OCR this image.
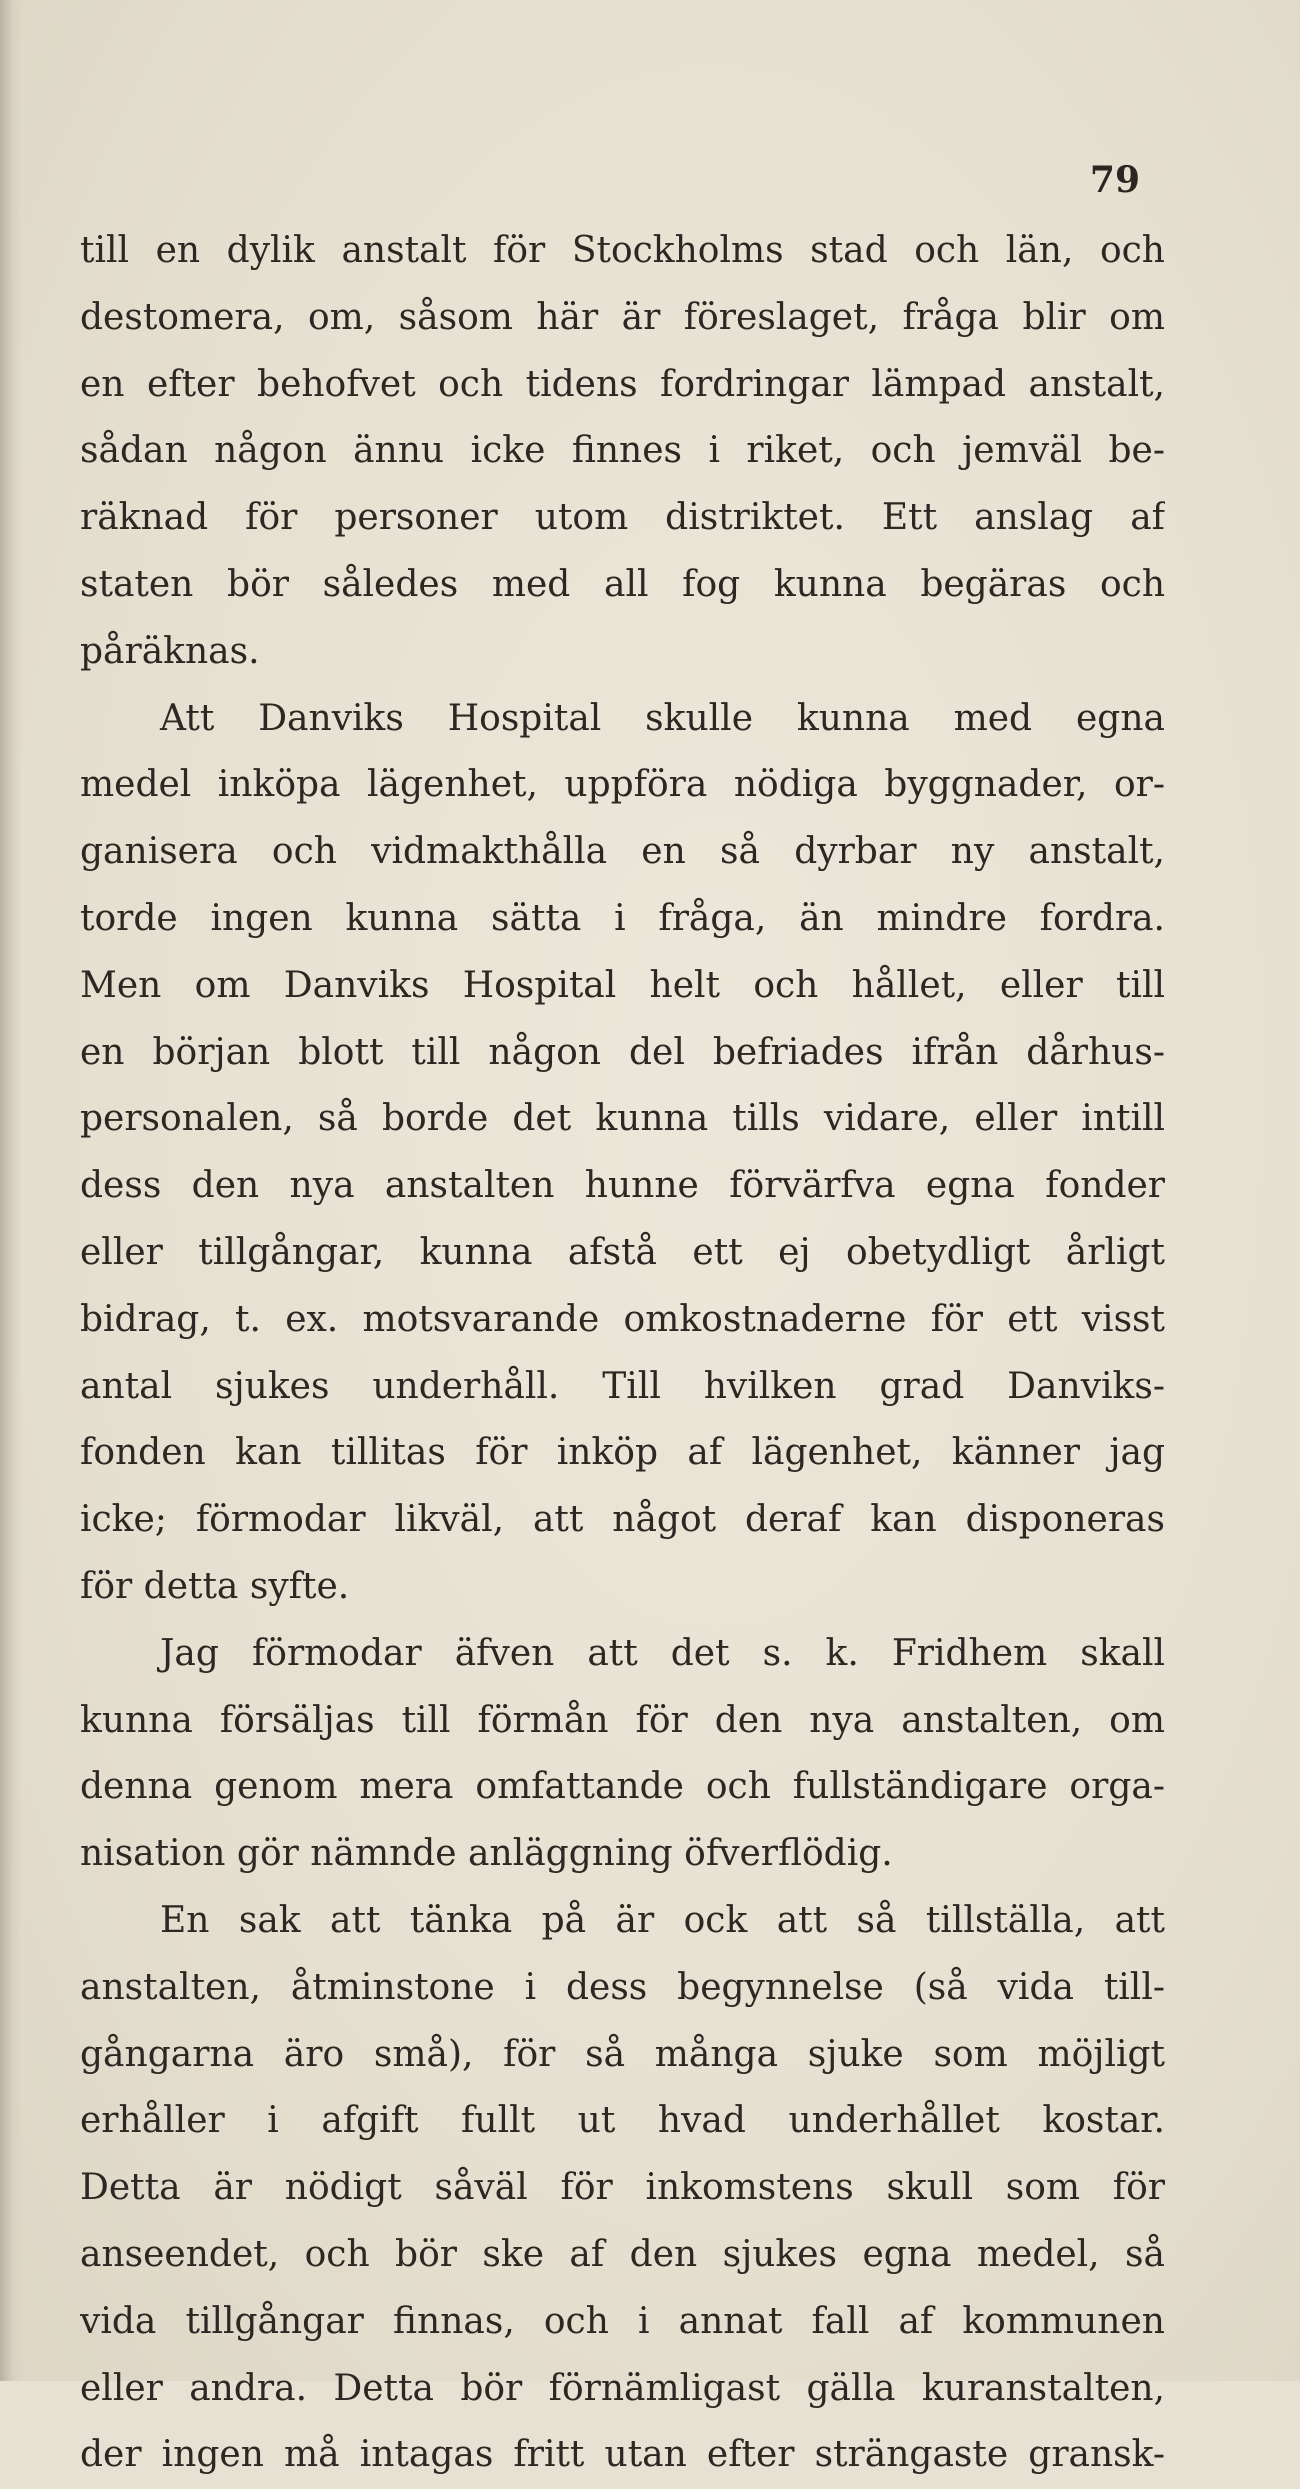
79
till en dylik anstalt för Stockholms stad och län, och
destomera, om, såsom här är föreslaget, fråga blir om
en efter behofvet och tidens fordringar lämpad anstalt,
sådan någon ännu icke finnes i riket, och jemväl be-
räknad för personer utom distriktet. Ett anslag af
staten bör således med all fog kunna begäras och
påräknas.
Att Danviks Hospital skulle kunna med egna
medel inköpa lägenhet, uppföra nödiga byggnader, or-
ganisera och vidmakthålla en så dyrbar ny anstalt,
torde ingen kunna sätta i fråga, än mindre fordra.
Men om Danviks Hospital helt och hållet, eller till
en början blott till någon del befriades ifrån dårhus-
personalen, så borde det kunna tills vidare, eller intill
dess den nya anstalten hunne förvärfva egna fonder
eller tillgångar, kunna afstå ett ej obetydligt årligt
bidrag, t. ex. motsvarande omkostnaderne för ett visst
antal sjukes underhåll. Till hvilken grad Danviks-
fonden kan tillitas för inköp af lägenhet, känner jag
icke; förmodar likväl, att något deraf kan disponeras
för detta syfte.
Jag förmodar äfven att det s. k. Fridhem skall
kunna försäljas till förmån för den nya anstalten, om
denna genom mera omfattande och fullständigare orga-
nisation gör nämnde anläggning öfverflödig.
En sak att tänka på är ock att så tillställa, att
anstalten, åtminstone i dess begynnelse (så vida till-
gångarna äro små), för så många sjuke som möjligt
erhåller i afgift fullt ut hvad underhållet kostar.
Detta är nödigt såväl för inkomstens skull som för
anseendet, och bör ske af den sjukes egna medel, så
vida tillgångar finnas, och i annat fall af kommunen
eller andra. Detta bör förnämligast gälla kuranstalten,
der ingen må intagas fritt utan efter strängaste gransk-
